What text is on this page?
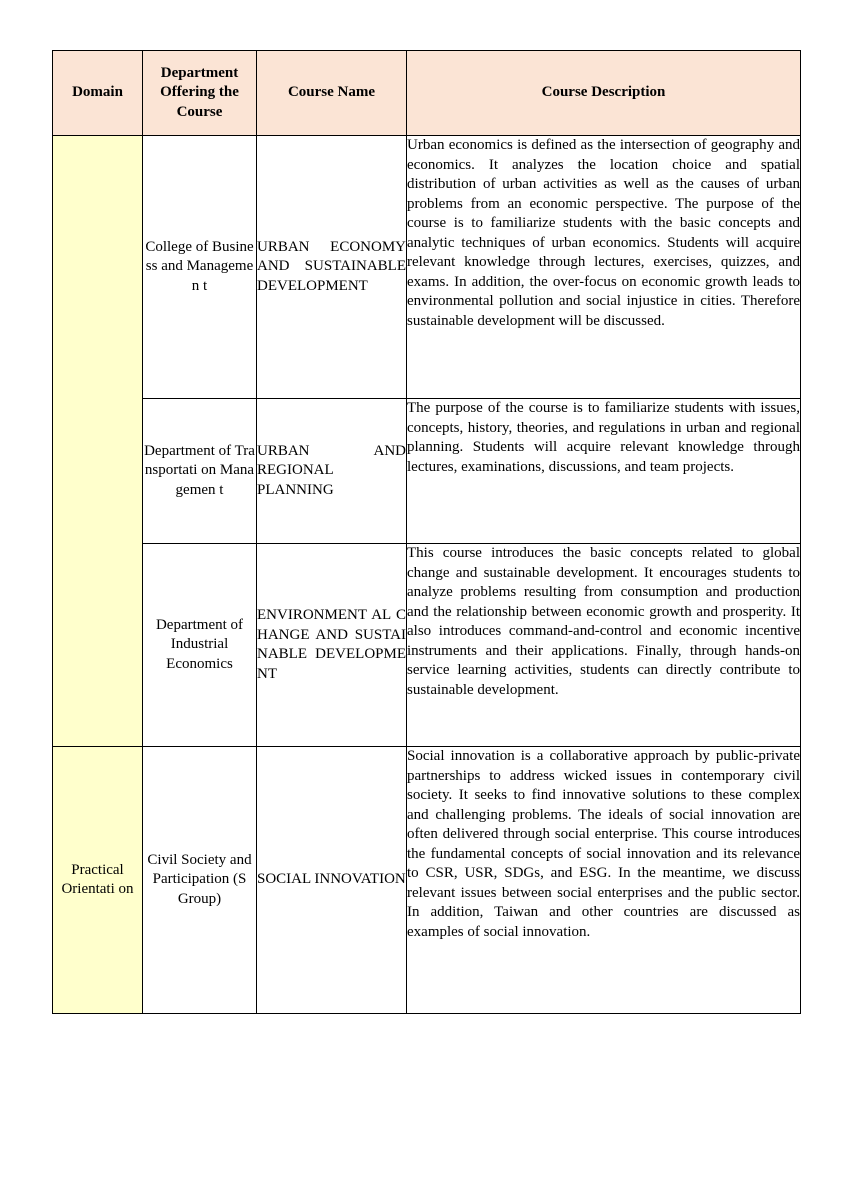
Domain	Department Offering the Course	Course Name	Course Description
	College of Business and Managemen t	URBAN ECONOMY AND SUSTAINABLE DEVELOPMENT	Urban economics is defined as the intersection of geography and economics. It analyzes the location choice and spatial distribution of urban activities as well as the causes of urban problems from an economic perspective. The purpose of the course is to familiarize students with the basic concepts and analytic techniques of urban economics. Students will acquire relevant knowledge through lectures, exercises, quizzes, and exams. In addition, the over-focus on economic growth leads to environmental pollution and social injustice in cities. Therefore sustainable development will be discussed.
	Department of Transportati on Managemen t	URBAN AND REGIONAL PLANNING	The purpose of the course is to familiarize students with issues, concepts, history, theories, and regulations in urban and regional planning. Students will acquire relevant knowledge through lectures, examinations, discussions, and team projects.
	Department of Industrial Economics	ENVIRONMENT AL CHANGE AND SUSTAINABLE DEVELOPMENT	This course introduces the basic concepts related to global change and sustainable development. It encourages students to analyze problems resulting from consumption and production and the relationship between economic growth and prosperity. It also introduces command-and-control and economic incentive instruments and their applications. Finally, through hands-on service learning activities, students can directly contribute to sustainable development.
Practical Orientati on	Civil Society and Participation (S Group)	SOCIAL INNOVATION	Social innovation is a collaborative approach by public-private partnerships to address wicked issues in contemporary civil society. It seeks to find innovative solutions to these complex and challenging problems. The ideals of social innovation are often delivered through social enterprise. This course introduces the fundamental concepts of social innovation and its relevance to CSR, USR, SDGs, and ESG. In the meantime, we discuss relevant issues between social enterprises and the public sector. In addition, Taiwan and other countries are discussed as examples of social innovation.
